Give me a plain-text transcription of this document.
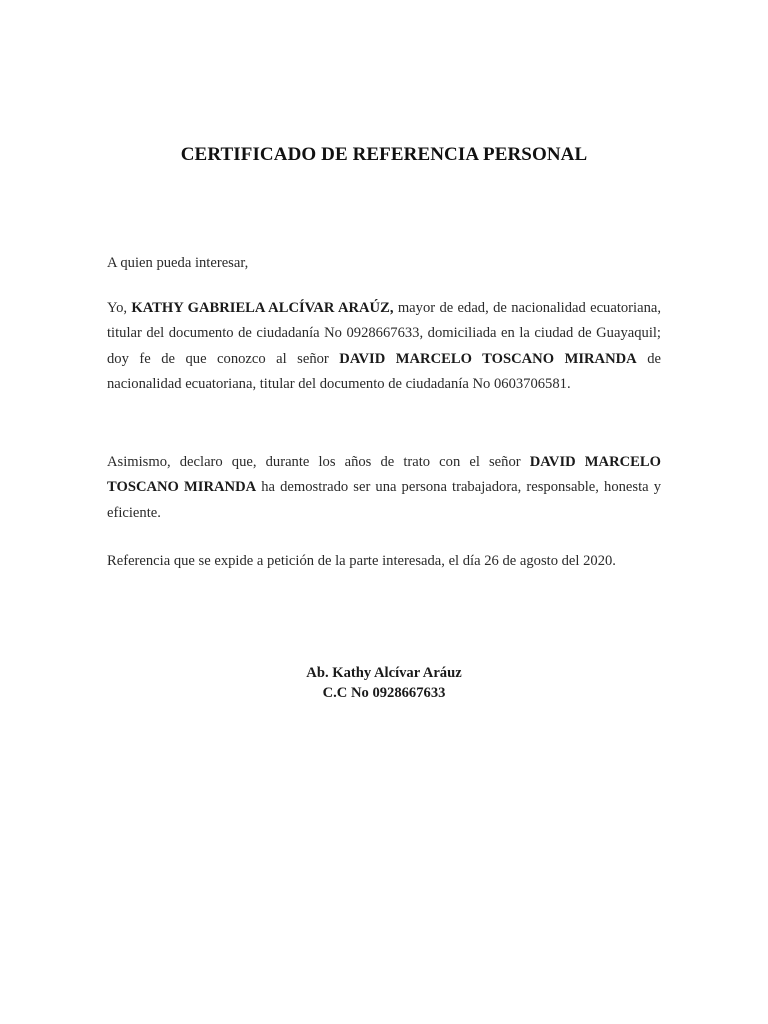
CERTIFICADO DE REFERENCIA PERSONAL

A quien pueda interesar,

Yo, KATHY GABRIELA ALCÍVAR ARAÚZ, mayor de edad, de nacionalidad ecuatoriana, titular del documento de ciudadanía No 0928667633, domiciliada en la ciudad de Guayaquil; doy fe de que conozco al señor DAVID MARCELO TOSCANO MIRANDA de nacionalidad ecuatoriana, titular del documento de ciudadanía No 0603706581.

Asimismo, declaro que, durante los años de trato con el señor DAVID MARCELO TOSCANO MIRANDA ha demostrado ser una persona trabajadora, responsable, honesta y eficiente.

Referencia que se expide a petición de la parte interesada, el día 26 de agosto del 2020.

Ab. Kathy Alcívar Aráuz
C.C No 0928667633
